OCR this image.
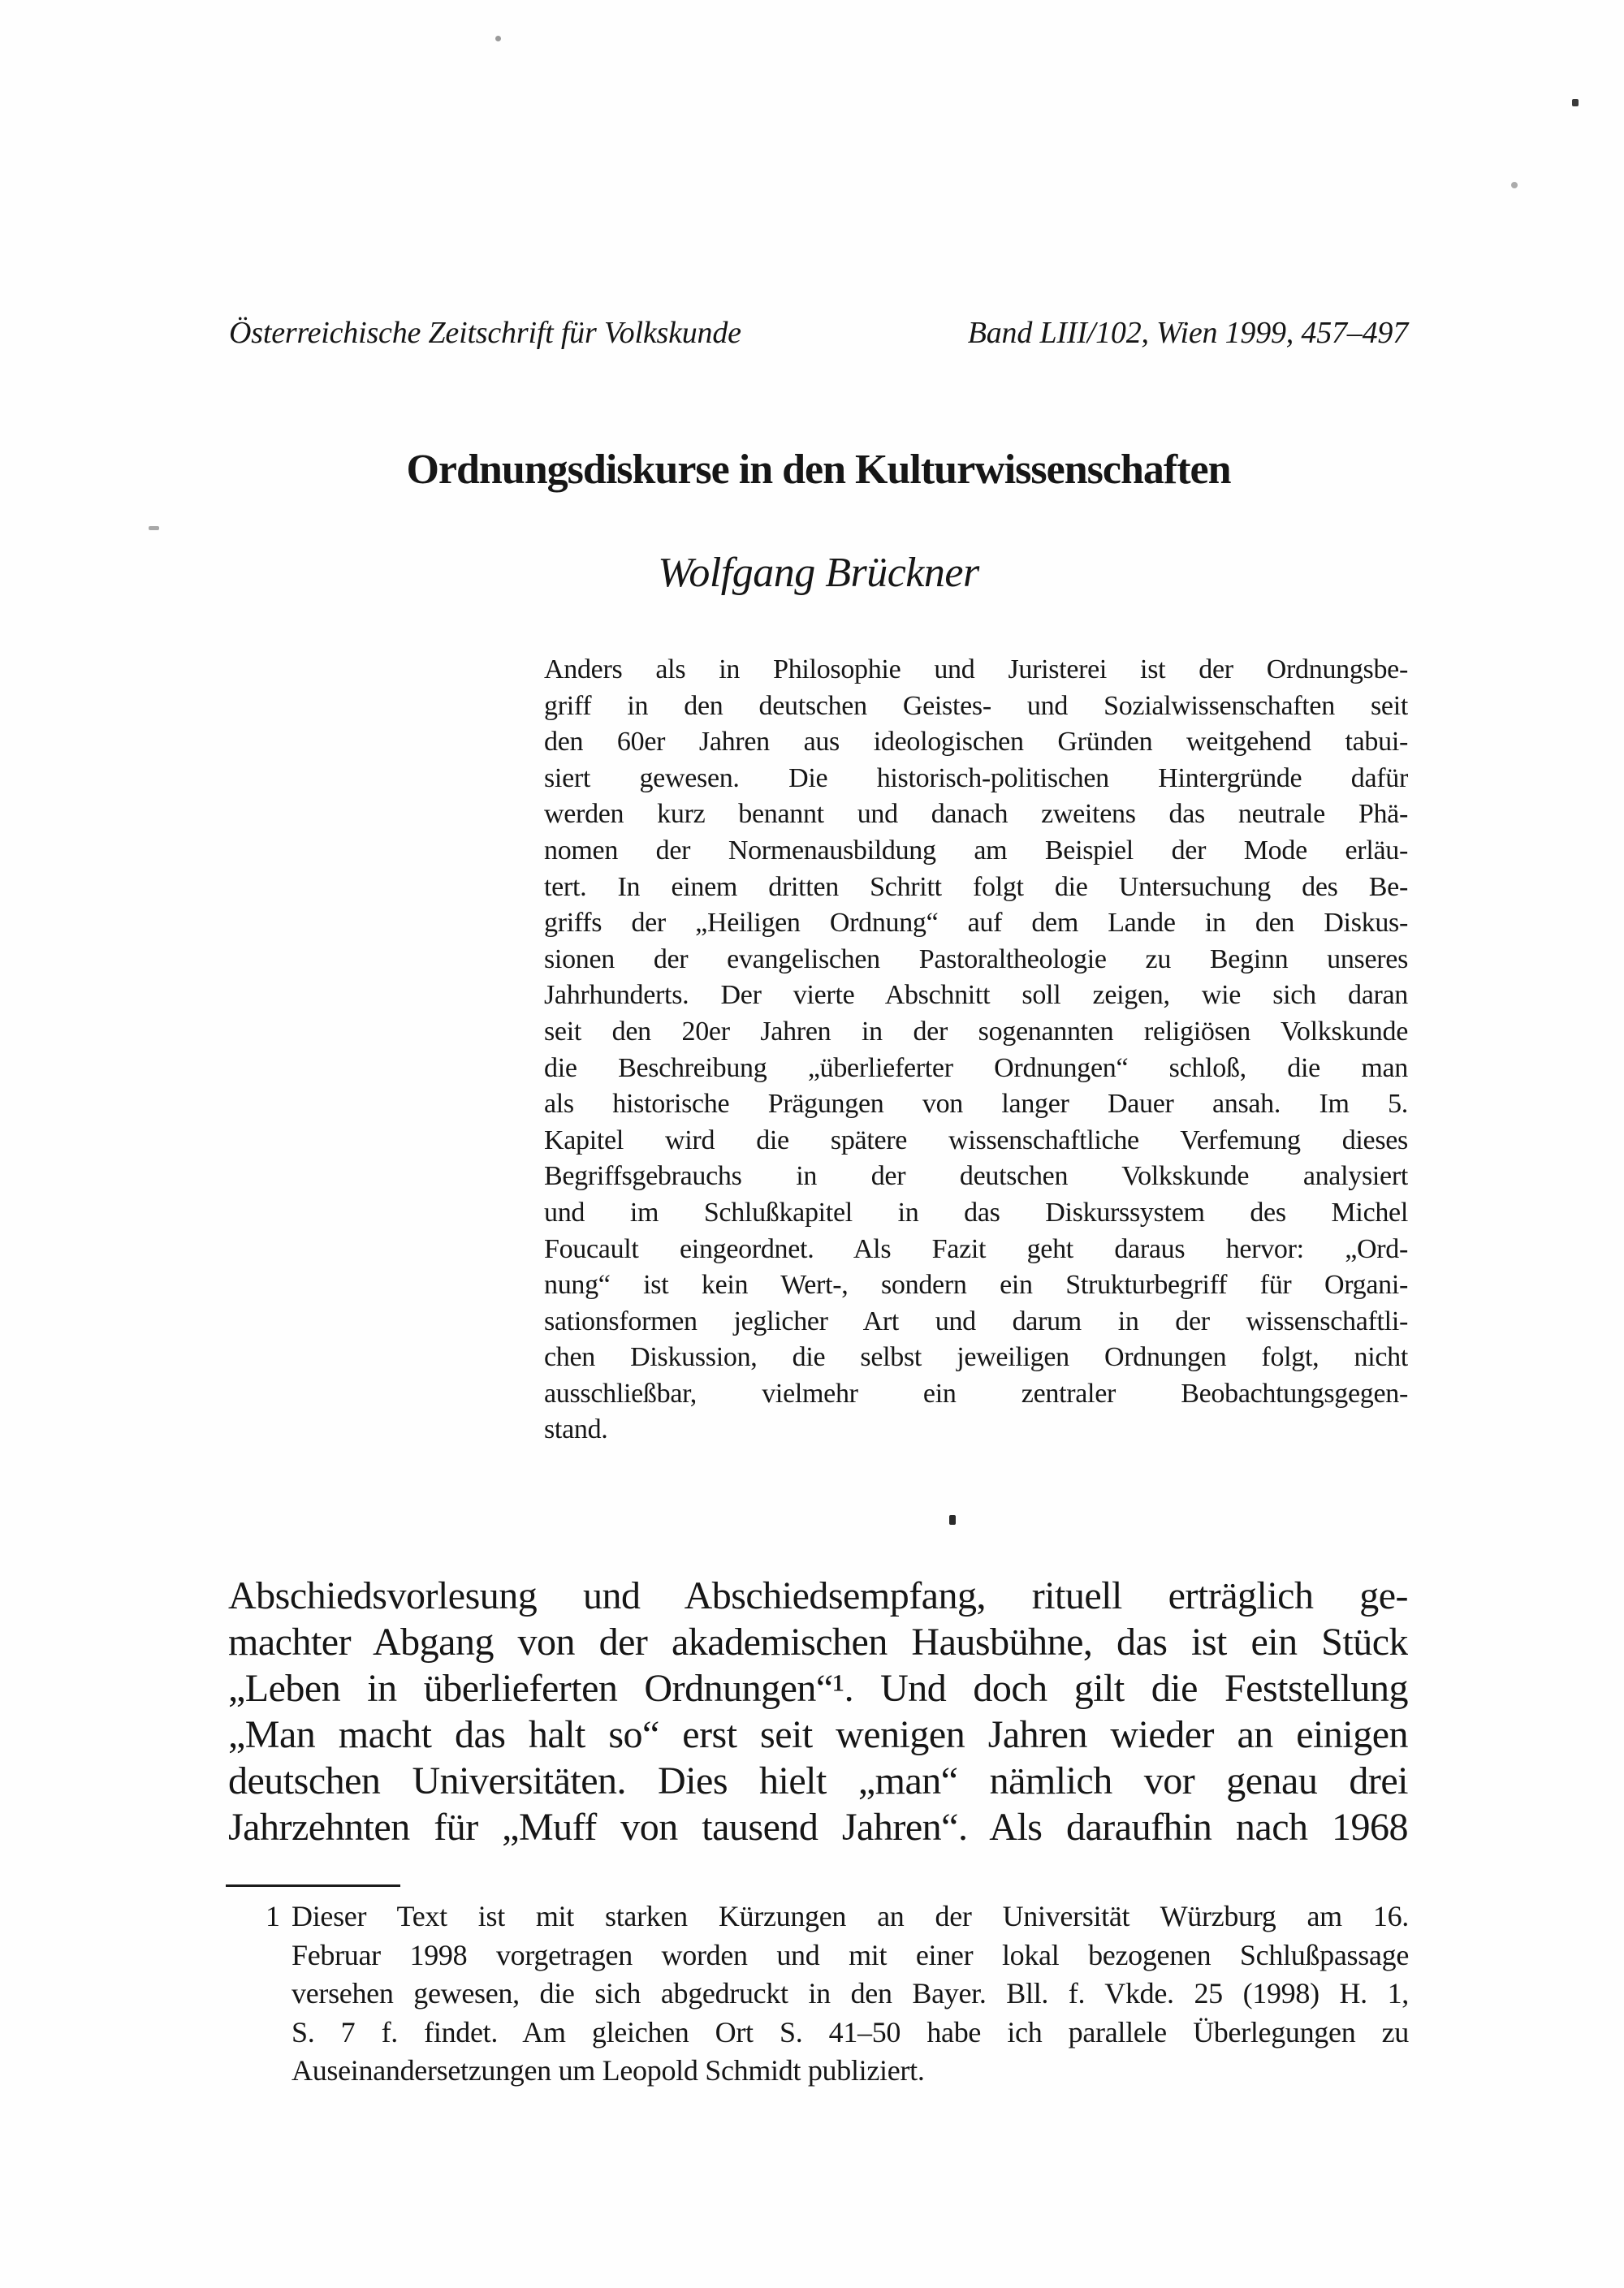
Österreichische Zeitschrift für Volkskunde	Band LIII/102, Wien 1999, 457–497
Ordnungsdiskurse in den Kulturwissenschaften
Wolfgang Brückner
Anders als in Philosophie und Juristerei ist der Ordnungsbe-
griff in den deutschen Geistes- und Sozialwissenschaften seit
den 60er Jahren aus ideologischen Gründen weitgehend tabui-
siert gewesen. Die historisch-politischen Hintergründe dafür
werden kurz benannt und danach zweitens das neutrale Phä-
nomen der Normenausbildung am Beispiel der Mode erläu-
tert. In einem dritten Schritt folgt die Untersuchung des Be-
griffs der „Heiligen Ordnung“ auf dem Lande in den Diskus-
sionen der evangelischen Pastoraltheologie zu Beginn unseres
Jahrhunderts. Der vierte Abschnitt soll zeigen, wie sich daran
seit den 20er Jahren in der sogenannten religiösen Volkskunde
die Beschreibung „überlieferter Ordnungen“ schloß, die man
als historische Prägungen von langer Dauer ansah. Im 5.
Kapitel wird die spätere wissenschaftliche Verfemung dieses
Begriffsgebrauchs in der deutschen Volkskunde analysiert
und im Schlußkapitel in das Diskurssystem des Michel
Foucault eingeordnet. Als Fazit geht daraus hervor: „Ord-
nung“ ist kein Wert-, sondern ein Strukturbegriff für Organi-
sationsformen jeglicher Art und darum in der wissenschaftli-
chen Diskussion, die selbst jeweiligen Ordnungen folgt, nicht
ausschließbar, vielmehr ein zentraler Beobachtungsgegen-
stand.
Abschiedsvorlesung und Abschiedsempfang, rituell erträglich ge-
machter Abgang von der akademischen Hausbühne, das ist ein Stück
„Leben in überlieferten Ordnungen“¹. Und doch gilt die Feststellung
„Man macht das halt so“ erst seit wenigen Jahren wieder an einigen
deutschen Universitäten. Dies hielt „man“ nämlich vor genau drei
Jahrzehnten für „Muff von tausend Jahren“. Als daraufhin nach 1968
1 Dieser Text ist mit starken Kürzungen an der Universität Würzburg am 16.
Februar 1998 vorgetragen worden und mit einer lokal bezogenen Schlußpassage
versehen gewesen, die sich abgedruckt in den Bayer. Bll. f. Vkde. 25 (1998) H. 1,
S. 7 f. findet. Am gleichen Ort S. 41–50 habe ich parallele Überlegungen zu
Auseinandersetzungen um Leopold Schmidt publiziert.
